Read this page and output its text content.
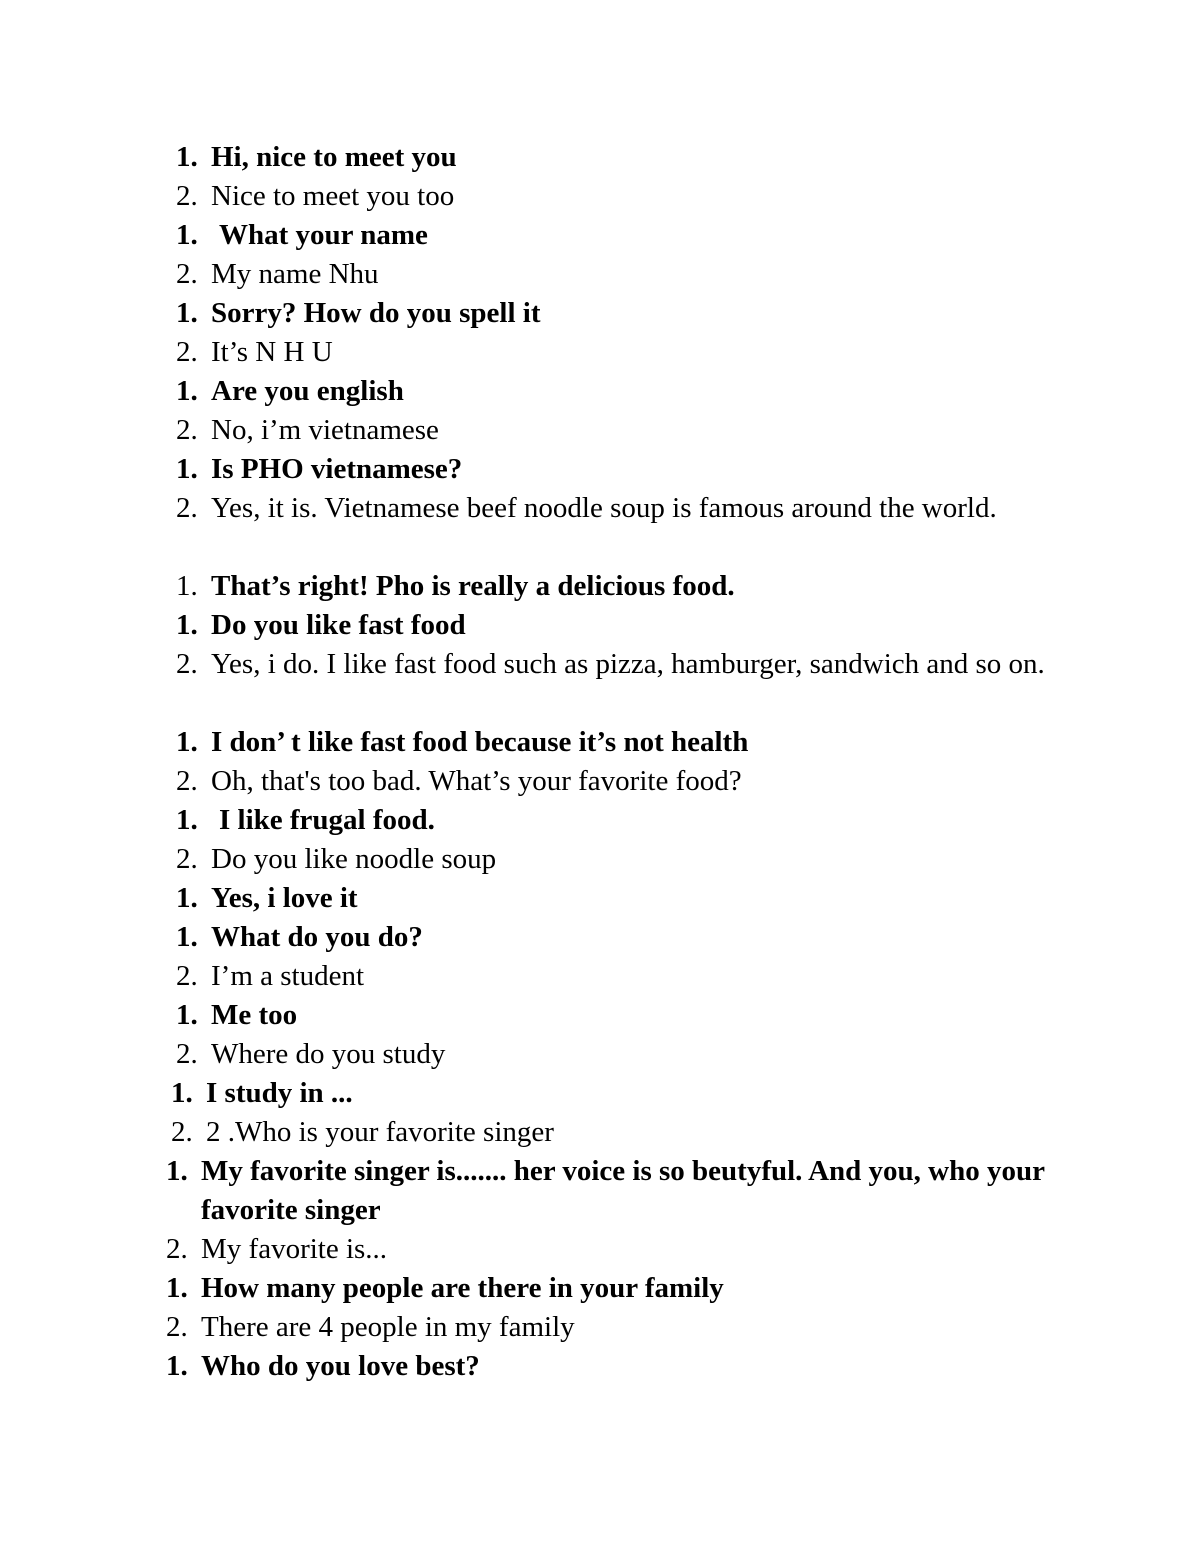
1. Hi, nice to meet you
2. Nice to meet you too
1. What your name
2. My name Nhu
1. Sorry? How do you spell it
2. It’s N H U
1. Are you english
2. No, i’m vietnamese
1. Is PHO vietnamese?
2. Yes, it is. Vietnamese beef noodle soup is famous around the world.
1. That’s right! Pho is really a delicious food.
1. Do you like fast food
2. Yes, i do. I like fast food such as pizza, hamburger, sandwich and so on.
1. I don’ t like fast food because it’s not health
2. Oh, that's too bad. What’s your favorite food?
1. I like frugal food.
2. Do you like noodle soup
1. Yes, i love it
1. What do you do?
2. I’m a student
1. Me too
2. Where do you study
1. I study in ...
2. 2 .Who is your favorite singer
1. My favorite singer is....... her voice is so beutyful. And you, who your favorite singer
2. My favorite is...
1. How many people are there in your family
2. There are 4 people in my family
1. Who do you love best?
